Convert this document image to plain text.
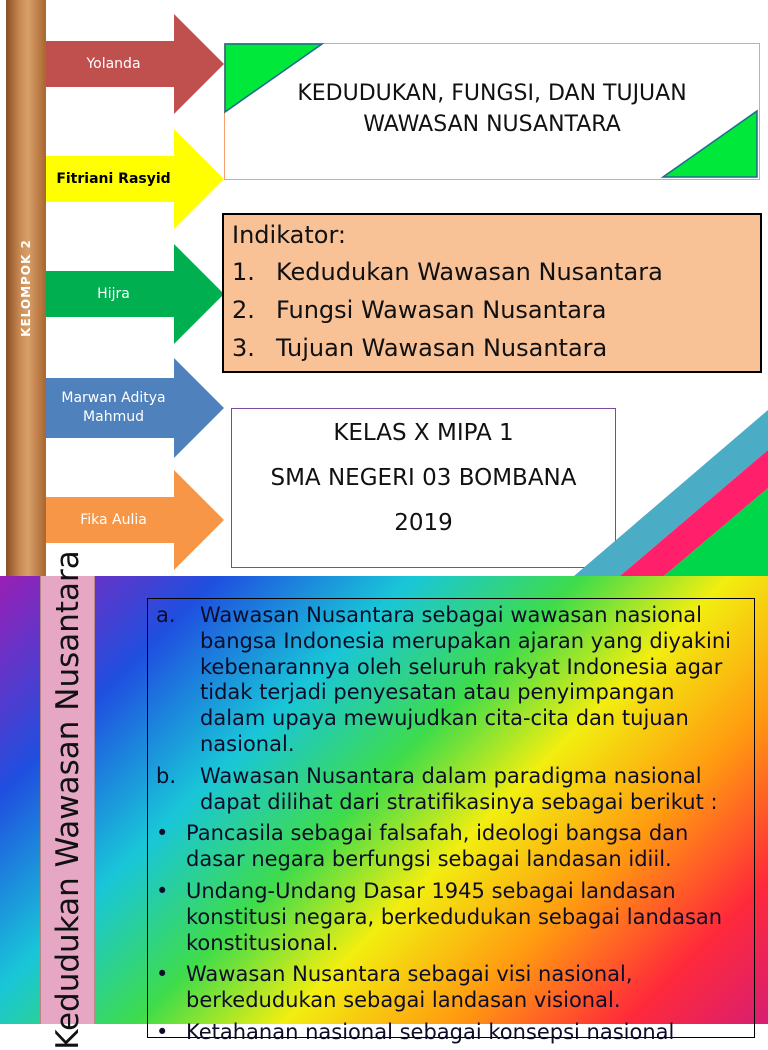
KELOMPOK 2
Yolanda
Fitriani Rasyid
Hijra
Marwan Aditya Mahmud
Fika Aulia
KEDUDUKAN, FUNGSI, DAN TUJUAN
WAWASAN NUSANTARA
Indikator:
1. Kedudukan Wawasan Nusantara
2. Fungsi Wawasan Nusantara
3. Tujuan Wawasan Nusantara
KELAS X MIPA 1
SMA NEGERI 03 BOMBANA
2019
Kedudukan Wawasan Nusantara	a.	Wawasan Nusantara sebagai wawasan nasional bangsa Indonesia merupakan ajaran yang diyakini kebenarannya oleh seluruh rakyat Indonesia agar tidak terjadi penyesatan atau penyimpangan dalam upaya mewujudkan cita-cita dan tujuan nasional.
b.	Wawasan Nusantara dalam paradigma nasional dapat dilihat dari stratifikasinya sebagai berikut :
• Pancasila sebagai falsafah, ideologi bangsa dan dasar negara berfungsi sebagai landasan idiil.
• Undang-Undang Dasar 1945 sebagai landasan konstitusi negara, berkedudukan sebagai landasan konstitusional.
• Wawasan Nusantara sebagai visi nasional, berkedudukan sebagai landasan visional.
• Ketahanan nasional sebagai konsepsi nasional
